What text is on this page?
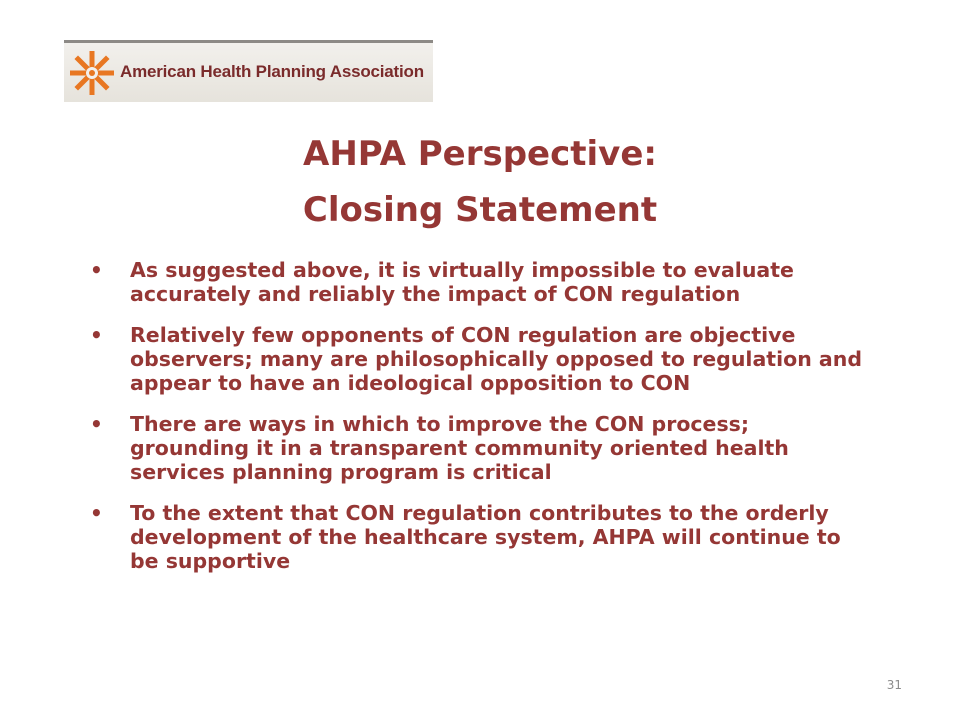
American Health Planning Association
AHPA Perspective:
Closing Statement
• As suggested above, it is virtually impossible to evaluate accurately and reliably the impact of CON regulation
• Relatively few opponents of CON regulation are objective observers; many are philosophically opposed to regulation and appear to have an ideological opposition to CON
• There are ways in which to improve the CON process; grounding it in a transparent community oriented health services planning program is critical
• To the extent that CON regulation contributes to the orderly development of the healthcare system, AHPA will continue to be supportive
31
